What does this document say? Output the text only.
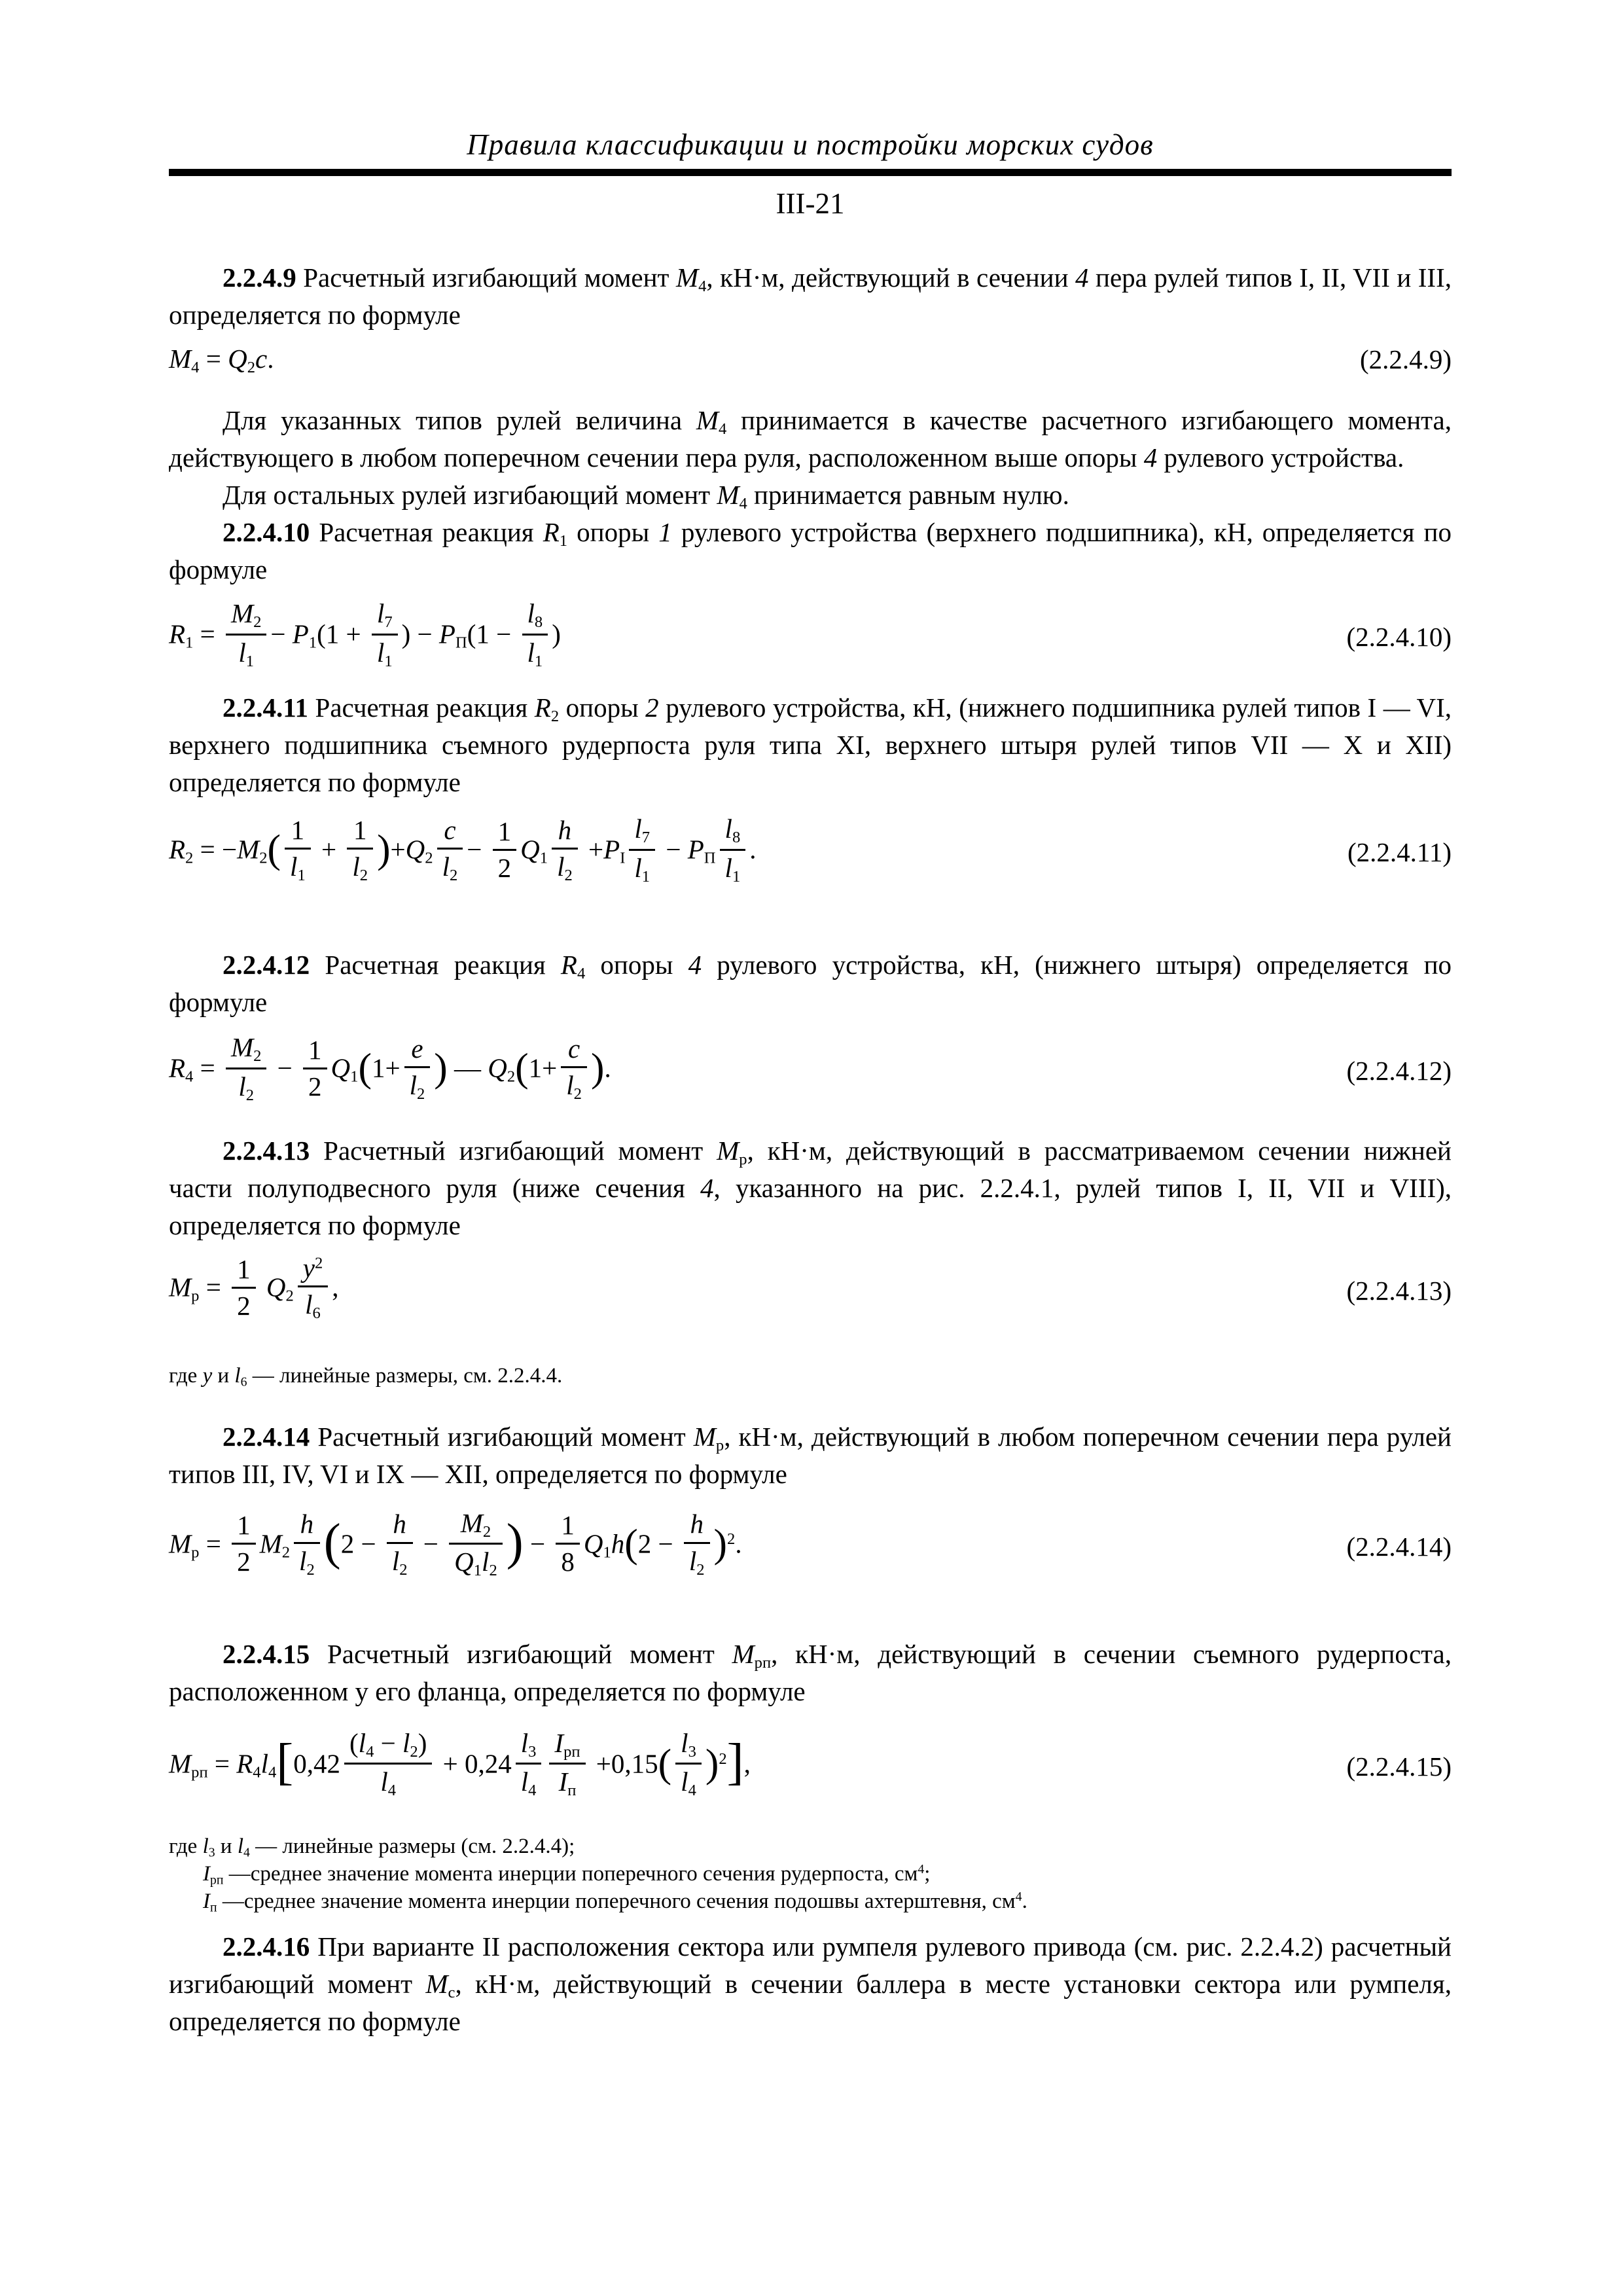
Правила классификации и постройки морских судов
III-21

2.2.4.9 Расчетный изгибающий момент M4, кН·м, действующий в сечении 4 пера рулей типов I, II, VII и III, определяется по формуле

M4 = Q2c.	(2.2.4.9)

Для указанных типов рулей величина M4 принимается в качестве расчетного изгибающего момента, действующего в любом поперечном сечении пера руля, расположенном выше опоры 4 рулевого устройства.

Для остальных рулей изгибающий момент M4 принимается равным нулю.

2.2.4.10 Расчетная реакция R1 опоры 1 рулевого устройства (верхнего подшипника), кН, определяется по формуле

$R1 = \frac{M2}{l1} - P1(1 + \frac{l7}{l1}$ ) − $PП(1 - \frac{l8}{l1}$ )	(2.2.4.10)

2.2.4.11 Расчетная реакция R2 опоры 2 рулевого устройства, кН, (нижнего подшипника рулей типов I — VI, верхнего подшипника съемного рудерпоста руля типа XI, верхнего штыря рулей типов VII — X и XII) определяется по формуле

$R2 = -M2( \frac{1}{l1} + \frac{1}{l2} )+Q2 \frac{c}{l2} - \frac{1}{2} Q1 \frac{h}{l2} +PI \frac{l7}{l1}$ − PП $\frac{l8}{l1}$ .	(2.2.4.11)

2.2.4.12 Расчетная реакция R4 опоры 4 рулевого устройства, кН, (нижнего штыря) определяется по формуле

$R4 = \frac{M2}{l2} - \frac{1}{2} Q1(1+ \frac{e}{l2}$ ) — $Q2(1+ \frac{c}{l2}$ ).	(2.2.4.12)

2.2.4.13 Расчетный изгибающий момент Mр, кН·м, действующий в рассматриваемом сечении нижней части полуподвесного руля (ниже сечения 4, указанного на рис. 2.2.4.1, рулей типов I, II, VII и VIII), определяется по формуле

Mр = $\frac{1}{2} Q2 \frac{y^2}{l6}$ ,	(2.2.4.13)

где y и l6 — линейные размеры, см. 2.2.4.4.

2.2.4.14 Расчетный изгибающий момент Mр, кН·м, действующий в любом поперечном сечении пера рулей типов III, IV, VI и IX — XII, определяется по формуле

Mр = $\frac{1}{2} M2 \frac{h}{l2} (2 - \frac{h}{l2} - \frac{M2}{Q1l2}$ ) − $\frac{1}{8} Q1h(2 - \frac{h}{l2} )^2$.	(2.2.4.14)

2.2.4.15 Расчетный изгибающий момент Mрп, кН·м, действующий в сечении съемного рудерпоста, расположенном у его фланца, определяется по формуле

Mрп = $R4l4[0,42 \frac{(l4 - l2)}{l4} + 0,24 \frac{l3}{l4} \frac{\text{Iрп}}{Iп} +0,15( \frac{l3}{l4} )^2]$,	(2.2.4.15)

где l3 и l4 — линейные размеры (см. 2.2.4.4);

Iрп —среднее значение момента инерции поперечного сечения рудерпоста, $см^4$;

Iп —среднее значение момента инерции поперечного сечения подошвы ахтерштевня, $см^4$.

2.2.4.16 При варианте II расположения сектора или румпеля рулевого привода (см. рис. 2.2.4.2) расчетный изгибающий момент Mс, кН·м, действующий в сечении баллера в месте установки сектора или румпеля, определяется по формуле
